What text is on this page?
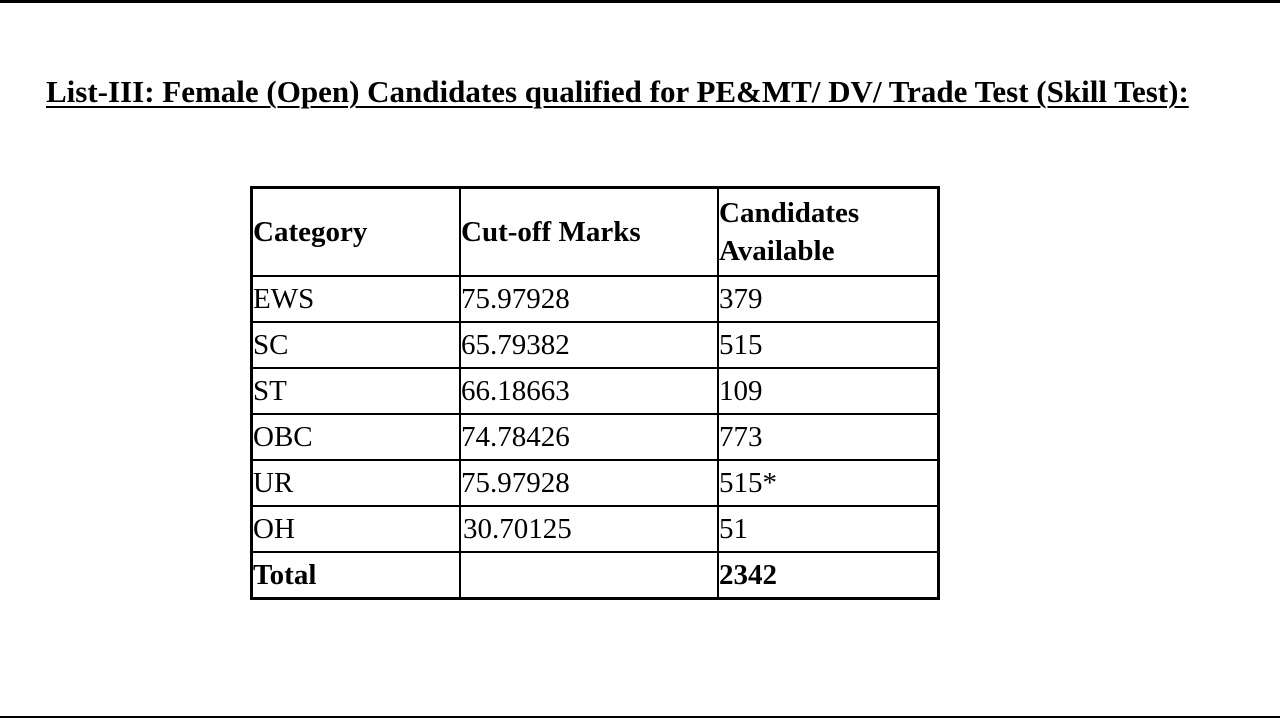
List-III: Female (Open) Candidates qualified for PE&MT/ DV/ Trade Test (Skill Test):

Category	Cut-off Marks	Candidates Available
EWS	75.97928	379
SC	65.79382	515
ST	66.18663	109
OBC	74.78426	773
UR	75.97928	515*
OH	30.70125	51
Total		2342
